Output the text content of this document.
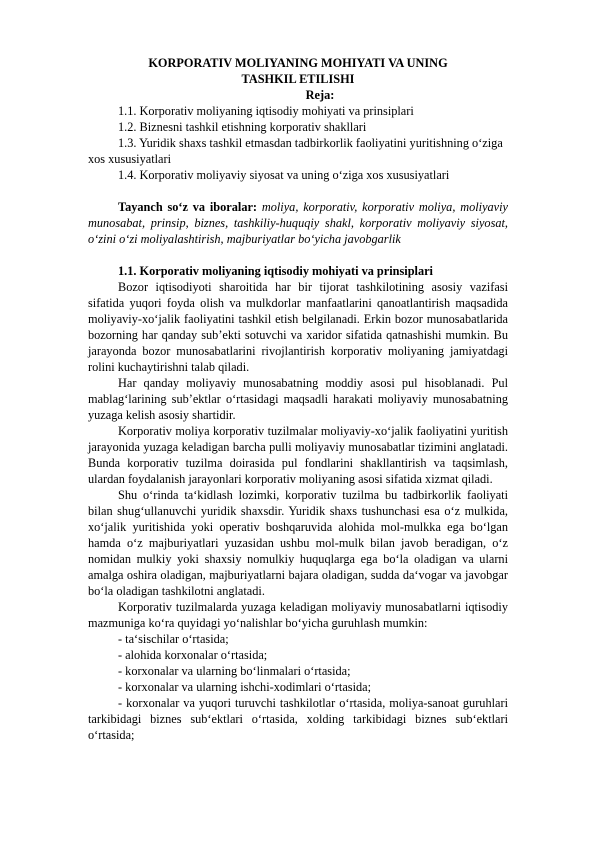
KORPORATIV MOLIYANING MOHIYATI VA UNING

TASHKIL ETILISHI

Reja:

1.1. Korporativ moliyaning iqtisodiy mohiyati va prinsiplari

1.2. Biznesni tashkil etishning korporativ shakllari

1.3. Yuridik shaxs tashkil etmasdan tadbirkorlik faoliyatini yuritishning o‘ziga xos xususiyatlari

1.4. Korporativ moliyaviy siyosat va uning o‘ziga xos xususiyatlari

Tayanch so‘z va iboralar: moliya, korporativ, korporativ moliya, moliyaviy munosabat, prinsip, biznes, tashkiliy-huquqiy shakl, korporativ moliyaviy siyosat, o‘zini o‘zi moliyalashtirish, majburiyatlar bo‘yicha javobgarlik

1.1. Korporativ moliyaning iqtisodiy mohiyati va prinsiplari

Bozor iqtisodiyoti sharoitida har bir tijorat tashkilotining asosiy vazifasi sifatida yuqori foyda olish va mulkdorlar manfaatlarini qanoatlantirish maqsadida moliyaviy-xo‘jalik faoliyatini tashkil etish belgilanadi. Erkin bozor munosabatlarida bozorning har qanday sub’ekti sotuvchi va xaridor sifatida qatnashishi mumkin. Bu jarayonda bozor munosabatlarini rivojlantirish korporativ moliyaning jamiyatdagi rolini kuchaytirishni talab qiladi.

Har qanday moliyaviy munosabatning moddiy asosi pul hisoblanadi. Pul mablag‘larining sub’ektlar o‘rtasidagi maqsadli harakati moliyaviy munosabatning yuzaga kelish asosiy shartidir.

Korporativ moliya korporativ tuzilmalar moliyaviy-xo‘jalik faoliyatini yuritish jarayonida yuzaga keladigan barcha pulli moliyaviy munosabatlar tizimini anglatadi. Bunda korporativ tuzilma doirasida pul fondlarini shakllantirish va taqsimlash, ulardan foydalanish jarayonlari korporativ moliyaning asosi sifatida xizmat qiladi.

Shu o‘rinda ta‘kidlash lozimki, korporativ tuzilma bu tadbirkorlik faoliyati bilan shug‘ullanuvchi yuridik shaxsdir. Yuridik shaxs tushunchasi esa o‘z mulkida, xo‘jalik yuritishida yoki operativ boshqaruvida alohida mol-mulkka ega bo‘lgan hamda o‘z majburiyatlari yuzasidan ushbu mol-mulk bilan javob beradigan, o‘z nomidan mulkiy yoki shaxsiy nomulkiy huquqlarga ega bo‘la oladigan va ularni amalga oshira oladigan, majburiyatlarni bajara oladigan, sudda da‘vogar va javobgar bo‘la oladigan tashkilotni anglatadi.

Korporativ tuzilmalarda yuzaga keladigan moliyaviy munosabatlarni iqtisodiy mazmuniga ko‘ra quyidagi yo‘nalishlar bo‘yicha guruhlash mumkin:

- ta‘sischilar o‘rtasida;

- alohida korxonalar o‘rtasida;

- korxonalar va ularning bo‘linmalari o‘rtasida;

- korxonalar va ularning ishchi-xodimlari o‘rtasida;

- korxonalar va yuqori turuvchi tashkilotlar o‘rtasida, moliya-sanoat guruhlari tarkibidagi biznes sub‘ektlari o‘rtasida, xolding tarkibidagi biznes sub‘ektlari o‘rtasida;
